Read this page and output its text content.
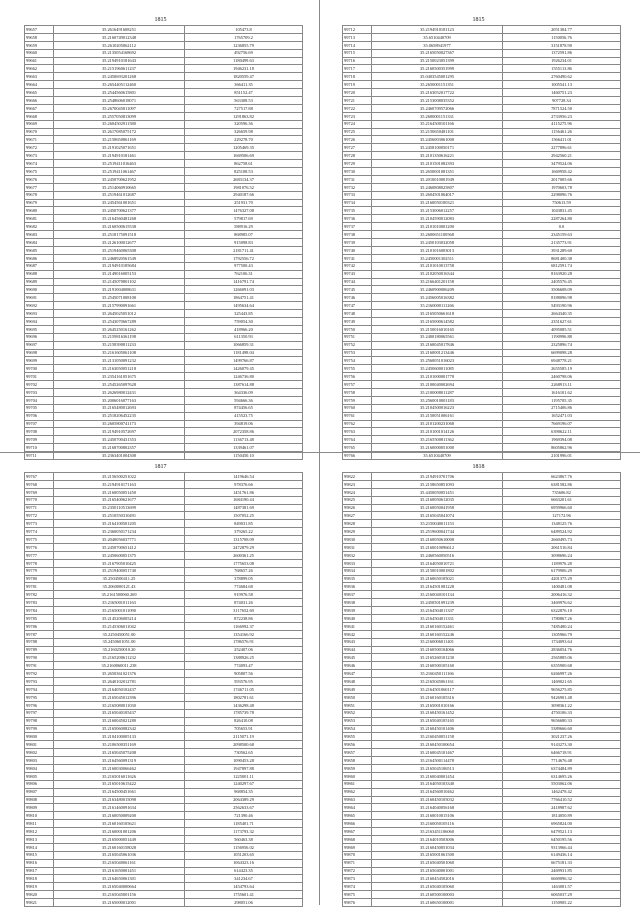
1815
99657	35.2616491608251	105473.8
99658	35.2160749012348	1765709.2
99659	35.2610205062112	1236855.79
99660	35.2135054168692	492756.69
99661	35.2194910181643	1180499.63
99662	35.2151960611237	1946231.18
99663	35.2450693201268	1820559.47
99664	35.2654405112460	366411.35
99665	35.2544560615801	851152.47
99666	35.2548606018071	563308.53
99667	35.2670045811097	727517.88
99668	35.2557050813099	1291863.82
99669	35.2604502911580	320596.36
99670	35.2617085075172	326659.98
99671	35.2158650861169	229278.70
99672	35.2191025071651	1205469.35
99673	35.2194910181461	1669506.69
99674	35.2519411016463	862758.61
99675	35.2519411061467	825108.53
99676	35.2450700621952	2683134.37
99677	35.2514060910665	1981076.52
99678	35.2519461012687	2940187.66
99679	35.2454561001651	251931.70
99680	35.2450700621377	1476327.08
99681	35.2164560481268	579817.69
99682	35.2160500615538	588916.29
99683	35.2518175091518	868985.07
99684	35.2126100012677	915098.83
99685	35.2519460065308	2181711.41
99686	35.2468920561549	1792556.72
99687	35.2194910185684	977500.43
99688	35.2149016005153	762106.31
99689	35.2145070801102	1416791.74
99690	35.2191004008631	1266091.03
99691	35.2545071008100	1864751.41
99692	35.2157990091661	1495634.64
99693	35.2645025051012	325443.85
99694	35.2543070667289	759054.30
99695	35.2645250161262	418966.20
99696	35.2159816361198	611350.93
99697	35.2158390811233	1066859.31
99698	35.2161605061108	1181498.04
99699	35.2131050091232	1499766.87
99700	35.2163050051218	1426079.45
99701	35.2354161051675	1246736.80
99702	35.2545265097628	1387614.88
99703	35.2626980012431	364336.09
99704	35.2006016077163	594666.36
99705	35.2165480012693	874456.65
99706	35.2518206452235	415523.75
99707	35.2605800741173	394819.06
99708	35.2194910572697	2072358.86
99709	35.2450700431353	1136713.48
99710	35.2168700802357	1339461.07
99711	35.2363401004308	1150450.10
1815
99712	35.2194910181123	2051304.77
99713	35.6510440709	1150056.76
99714	35.0658941977	3151878.90
99715	35.2165050027367	1372591.86
99716	35.2150023051399	1926234.01
99717	35.2160500351999	1555113.86
99718	35.0403545001295	2760490.62
99719	35.2650001151351	1005541.13
99720	35.2163052017722	1460751.23
99721	35.2153008035352	907728.34
99722	35.2460709572066	7871524.50
99723	35.2600001151331	2733956.23
99724	35.2164500101166	4115275.96
99725	35.2150650481101	1156461.26
99726	35.2456003061000	1566411.01
99727	35.2458100050171	2277896.61
99728	35.2101350616221	2942560.21
99729	35.2101501082393	3479524.06
99730	35.2650001081351	1669958.42
99731	35.2010010001949	2017005.66
99732	35.2460808025807	1970603.78
99733	35.2604501064017	2298096.76
99734	35.2160050100321	750613.59
99735	35.2153006012257	1043831.45
99736	35.2104590012083	2287264.80
99737	35.2101010001200	0.0
99738	35.2600651100568	2345159.63
99739	35.2450103032058	2135773.91
99740	35.2101016003013	3931289.60
99741	35.2450001302511	8681400.38
99742	35.2101010013758	6812591.74
99743	35.2102050016344	8163920.28
99744	35.2166401201158	2405576.45
99745	35.2460900006209	3506608.09
99746	35.2456005016382	8188096.98
99747	35.2160000111266	5493190.96
99748	35.2165050661618	2664340.35
99749	35.2165000614582	2351627.61
99750	35.2150016010165	4095085.51
99751	35.2400180065561	1190996.88
99752	35.2160045017846	2325896.74
99753	35.2160001213446	6699098.28
99754	35.2560051016023	6948778.21
99755	35.2450600011085	2655585.19
99756	35.2101000001778	2460798.06
99757	35.2100040002694	2268913.11
99758	35.2100008011287	1616101.62
99759	35.2560010001183	1195705.35
99760	35.2104500016223	2715406.86
99761	35.2150051006161	1652471.03
99762	35.2101200231068	7669196.07
99763	35.2101001014126	6390622.11
99764	35.2165500811362	1969394.08
99765	35.2160000051000	8605862.96
99766	35.6510440709	2101996.01
1817
99767	35.2156500251022	1419646.54
99768	35.2194910171163	978376.66
99769	35.2160050051450	1451761.86
99770	35.2165400621677	1684190.44
99771	35.2350110513699	1487381.69
99772	35.2510550310491	1507052.25
99773	35.2164100501205	849031.85
99774	35.2360050171234	379265.22
99775	35.2040056037771	1315708.09
99776	35.2450700651412	2472879.29
99777	35.2450600051375	2600361.25
99778	35.2167905010425	1775653.08
99779	35.2519400051740	768657.26
99780	35.2504500411.25	378899.05
99781	35.2060000121.43	774684.68
99782	35.2161500060.269	919976.58
99783	35.2165001011163	874031.26
99784	35.2165001011090	3117652.69
99785	35.2145206005214	872238.86
99786	35.2145306011042	1166992.37
99787	35.2250450051.00	1354166.92
99788	35.2450601051.00	1786576.91
99789	35.2160250010.20	252407.06
99790	35.2165200611232	1388926.25
99791	35.2160060011.238	774093.47
99792	35.2650361021376	905807.56
99793	35.2640102012781	593576.95
99794	35.2164050102437	1746711.05
99795	35.2165045012396	1802781.61
99796	35.2165080011030	1436298.48
99797	35.2165040105437	1785739.78
99798	35.2160045021280	826410.08
99799	35.2165060082342	705653.91
99800	35.2104100005133	2115071.19
99801	35.2106500351169	2098500.68
99802	35.2165045075208	730562.65
99803	35.2164560091319	1090453.28
99804	35.2160030066462	1947897.88
99805	35.2165016011626	1225001.11
99806	35.2165010615422	1240297.67
99807	35.2164500451661	968854.35
99808	35.2163480015098	2064389.29
99809	35.2161460091634	2562633.67
99810	35.2160050009200	721390.46
99811	35.2160160105621	1185401.71
99812	35.2160001001206	1173793.32
99813	35.2165000051449	560463.38
99814	35.2160160158028	1156956.02
99815	35.2165045061036	1051203.65
99816	35.2165040061161	1064323.16
99817	35.2161650001451	614423.35
99818	35.2164650061301	341234.67
99819	35.2165040000664	1454793.64
99820	35.2165045001156	1755601.41
99821	35.2165000012001	298051.06
1818
99822	35.2194910701706	6623867.76
99823	35.2158650851093	6381582.86
99824	35.4450050051451	735606.82
99825	35.2160050612035	6663201.61
99826	35.2160050041958	6959966.60
99827	35.2165045041074	127172.96
99828	35.2150040011153	1348125.76
99829	35.2519600041744	6489524.92
99830	35.2160050610008	2660495.73
99831	35.2160010096612	2061516.84
99832	35.2460560050516	3098696.24
99833	35.2164050010721	1189976.28
99834	35.2150010001802	6179906.29
99835	35.2160650105021	4201375.29
99836	35.2164501081228	1400481.08
99837	35.2160040101134	2006416.32
99838	35.2450501091239	3469976.62
99839	35.2164504011337	6322876.10
99840	35.2164504011331	1780867.26
99841	35.2160160152461	7485480.24
99842	35.2160160152246	1305966.79
99843	35.2160006011401	1734093.64
99844	35.2160500104066	2836054.76
99845	35.2165260101230	2565885.06
99846	35.2160500105160	6355900.68
99847	35.2160450111166	6266997.26
99848	35.2165045061161	1469021.65
99849	35.2164501060117	9656275.85
99850	35.2160160105316	9426901.48
99851	35.2165001010166	3098361.22
99852	35.2160450161452	4750106.33
99853	35.2165040105165	9656680.33
99854	35.2160450101406	5389666.60
99855	35.2160450051158	3021237.26
99856	35.2160450100654	9143273.30
99857	35.2160045101467	6466718.91
99858	35.2164500114478	7714676.48
99859	35.2165045106513	6374484.89
99860	35.2160040001454	6314695.26
99861	35.2164050103340	5503062.06
99862	35.2164560010462	1462478.42
99863	35.2160450105032	7766410.52
99864	35.2164040056168	2418987.62
99865	35.2160010015106	1814050.89
99866	35.2160050105116	6965824.00
99867	35.2163451106060	6479521.13
99868	35.2164010503006	6450195.56
99869	35.2160450051034	9313966.44
99870	35.2165001061500	6149436.14
99871	35.2165040501060	6675181.33
99872	35.2165040001001	2469931.85
99873	35.2160454502016	6669096.32
99874	35.2165040105060	1463081.57
99875	35.2160500100003	6065037.29
99876	35.2160650100001	1150905.22
